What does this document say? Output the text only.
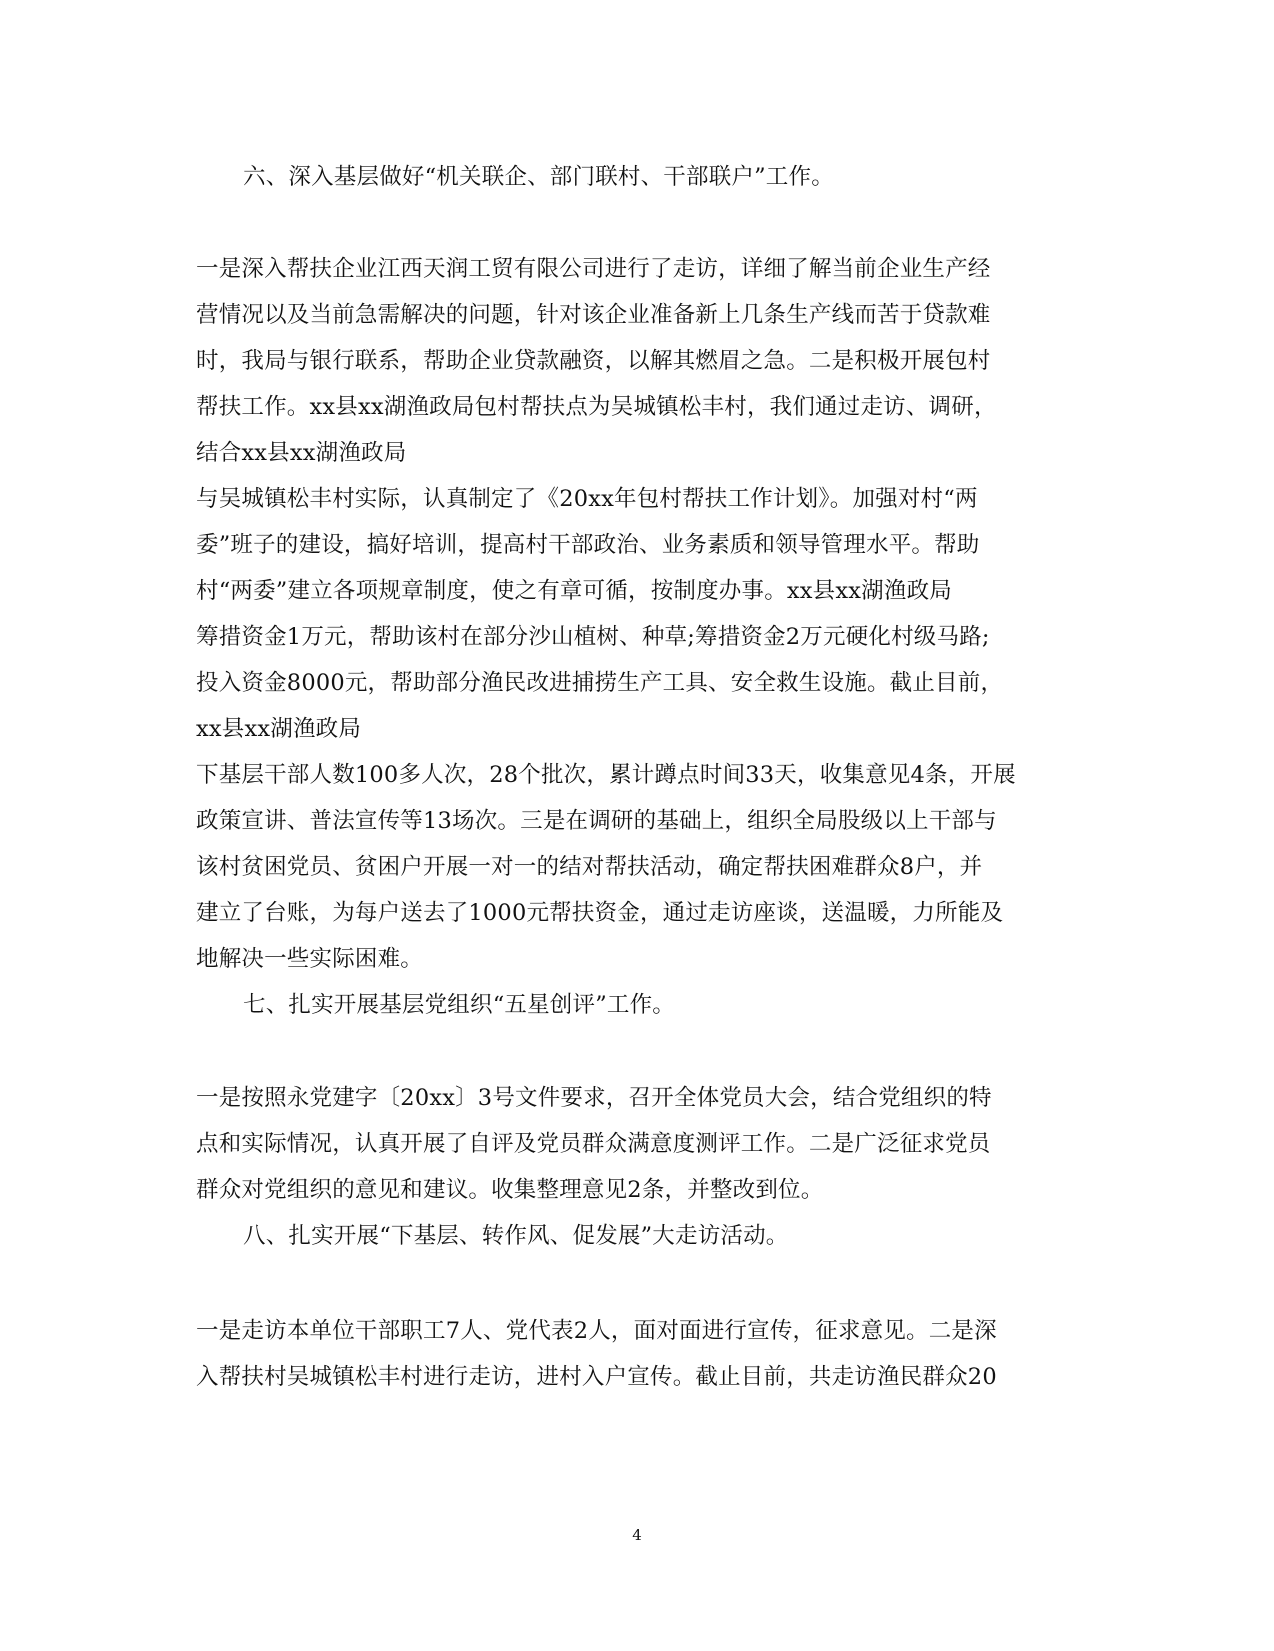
六、深入基层做好“机关联企、部门联村、干部联户”工作。
一是深入帮扶企业江西天润工贸有限公司进行了走访，详细了解当前企业生产经
营情况以及当前急需解决的问题，针对该企业准备新上几条生产线而苦于贷款难
时，我局与银行联系，帮助企业贷款融资，以解其燃眉之急。二是积极开展包村
帮扶工作。xx县xx湖渔政局包村帮扶点为吴城镇松丰村，我们通过走访、调研，
结合xx县xx湖渔政局
与吴城镇松丰村实际，认真制定了《20xx年包村帮扶工作计划》。加强对村“两
委”班子的建设，搞好培训，提高村干部政治、业务素质和领导管理水平。帮助
村“两委”建立各项规章制度，使之有章可循，按制度办事。xx县xx湖渔政局
筹措资金1万元，帮助该村在部分沙山植树、种草;筹措资金2万元硬化村级马路;
投入资金8000元，帮助部分渔民改进捕捞生产工具、安全救生设施。截止目前，
xx县xx湖渔政局
下基层干部人数100多人次，28个批次，累计蹲点时间33天，收集意见4条，开展
政策宣讲、普法宣传等13场次。三是在调研的基础上，组织全局股级以上干部与
该村贫困党员、贫困户开展一对一的结对帮扶活动，确定帮扶困难群众8户，并
建立了台账，为每户送去了1000元帮扶资金，通过走访座谈，送温暖，力所能及
地解决一些实际困难。
七、扎实开展基层党组织“五星创评”工作。
一是按照永党建字〔20xx〕3号文件要求，召开全体党员大会，结合党组织的特
点和实际情况，认真开展了自评及党员群众满意度测评工作。二是广泛征求党员
群众对党组织的意见和建议。收集整理意见2条，并整改到位。
八、扎实开展“下基层、转作风、促发展”大走访活动。
一是走访本单位干部职工7人、党代表2人，面对面进行宣传，征求意见。二是深
入帮扶村吴城镇松丰村进行走访，进村入户宣传。截止目前，共走访渔民群众20
4
